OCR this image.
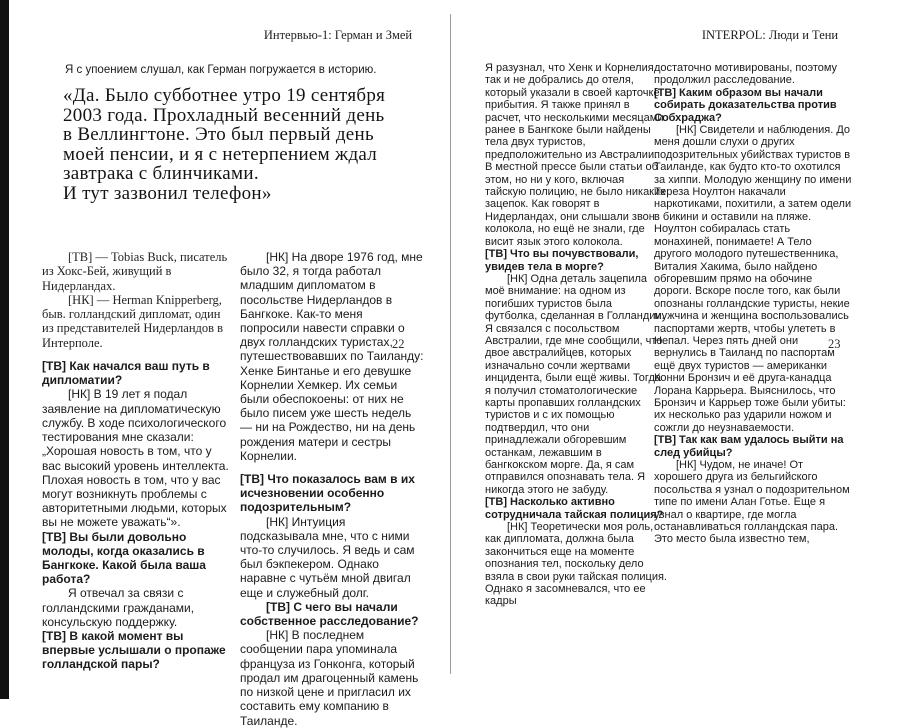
Интервью-1: Герман и Змей
Я с упоением слушал, как Герман погружается в историю.
«Да. Было субботнее утро 19 сентября
2003 года. Прохладный весенний день
в Веллингтоне. Это был первый день
моей пенсии, и я с нетерпением ждал
завтрака с блинчиками.
И тут зазвонил телефон»

[ТВ] — Tobias Buck, писатель из Хокс-Бей, живущий в Нидерландах.

[НК] — Herman Knipperberg, быв. голландский дипломат, один из представителей Нидерландов в Интерполе.

[ТВ] Как начался ваш путь в дипломатии?

[НК] В 19 лет я подал заявление на дипломатическую службу. В ходе психологического тестирования мне сказали: „Хорошая новость в том, что у вас высокий уровень интеллекта. Плохая новость в том, что у вас могут возникнуть проблемы с авторитетными людьми, которых вы не можете уважать“».

[ТВ] Вы были довольно молоды, когда оказались в Бангкоке. Какой была ваша работа?

Я отвечал за связи с голландскими гражданами, консульскую поддержку.

[ТВ] В какой момент вы впервые услышали о пропаже голландской пары?

[НК] На дворе 1976 год, мне было 32, я тогда работал младшим дипломатом в посольстве Нидерландов в Бангкоке. Как-то меня попросили навести справки о двух голландских туристах, путешествовавших по Таиланду: Хенке Бинтанье и его девушке Корнелии Хемкер. Их семьи были обеспокоены: от них не было писем уже шесть недель — ни на Рождество, ни на день рождения матери и сестры Корнелии.

[ТВ] Что показалось вам в их исчезновении особенно подозрительным?

[НК] Интуиция подсказывала мне, что с ними что-то случилось. Я ведь и сам был бэкпекером. Однако наравне с чутьём мной двигал еще и служебный долг.

[ТВ] С чего вы начали собственное расследование?

[НК] В последнем сообщении пара упоминала француза из Гонконга, который продал им драгоценный камень по низкой цене и пригласил их составить ему компанию в Таиланде.

22
INTERPOL: Люди и Тени

Я разузнал, что Хенк и Корнелия так и не добрались до отеля, который указали в своей карточке прибытия. Я также принял в расчет, что несколькими месяцами ранее в Бангкоке были найдены тела двух туристов, предположительно из Австралии. В местной прессе были статьи об этом, но ни у кого, включая тайскую полицию, не было никаких зацепок. Как говорят в Нидерландах, они слышали звон колокола, но ещё не знали, где висит язык этого колокола.

[ТВ] Что вы почувствовали, увидев тела в морге?

[НК] Одна деталь зацепила моё внимание: на одном из погибших туристов была футболка, сделанная в Голландии. Я связался с посольством Австралии, где мне сообщили, что двое австралийцев, которых изначально сочли жертвами инцидента, были ещё живы. Тогда я получил стоматологические карты пропавших голландских туристов и с их помощью подтвердил, что они принадлежали обгоревшим останкам, лежавшим в бангкокском морге. Да, я сам отправился опознавать тела. Я никогда этого не забуду.

[ТВ] Насколько активно сотрудничала тайская полиция?

[НК] Теоретически моя роль, как дипломата, должна была закончиться еще на моменте опознания тел, поскольку дело взяла в свои руки тайская полиция. Однако я засомневался, что ее кадры

достаточно мотивированы, поэтому продолжил расследование.

[ТВ] Каким образом вы начали собирать доказательства против Собхраджа?

[НК] Свидетели и наблюдения. До меня дошли слухи о других подозрительных убийствах туристов в Таиланде, как будто кто-то охотился за хиппи. Молодую женщину по имени Тереза Ноултон накачали наркотиками, похитили, а затем одели в бикини и оставили на пляже. Ноултон собиралась стать монахиней, понимаете! А Тело другого молодого путешественника, Виталия Хакима, было найдено обгоревшим прямо на обочине дороги. Вскоре после того, как были опознаны голландские туристы, некие мужчина и женщина воспользовались паспортами жертв, чтобы улететь в Непал. Через пять дней они вернулись в Таиланд по паспортам ещё двух туристов — американки Конни Бронзич и её друга-канадца Лорана Каррьера. Выяснилось, что Бронзич и Каррьер тоже были убиты: их несколько раз ударили ножом и сожгли до неузнаваемости.

[ТВ] Так как вам удалось выйти на след убийцы?

[НК] Чудом, не иначе! От хорошего друга из бельгийского посольства я узнал о подозрительном типе по имени Алан Готье. Еще я узнал о квартире, где могла останавливаться голландская пара. Это место была известно тем,

23
